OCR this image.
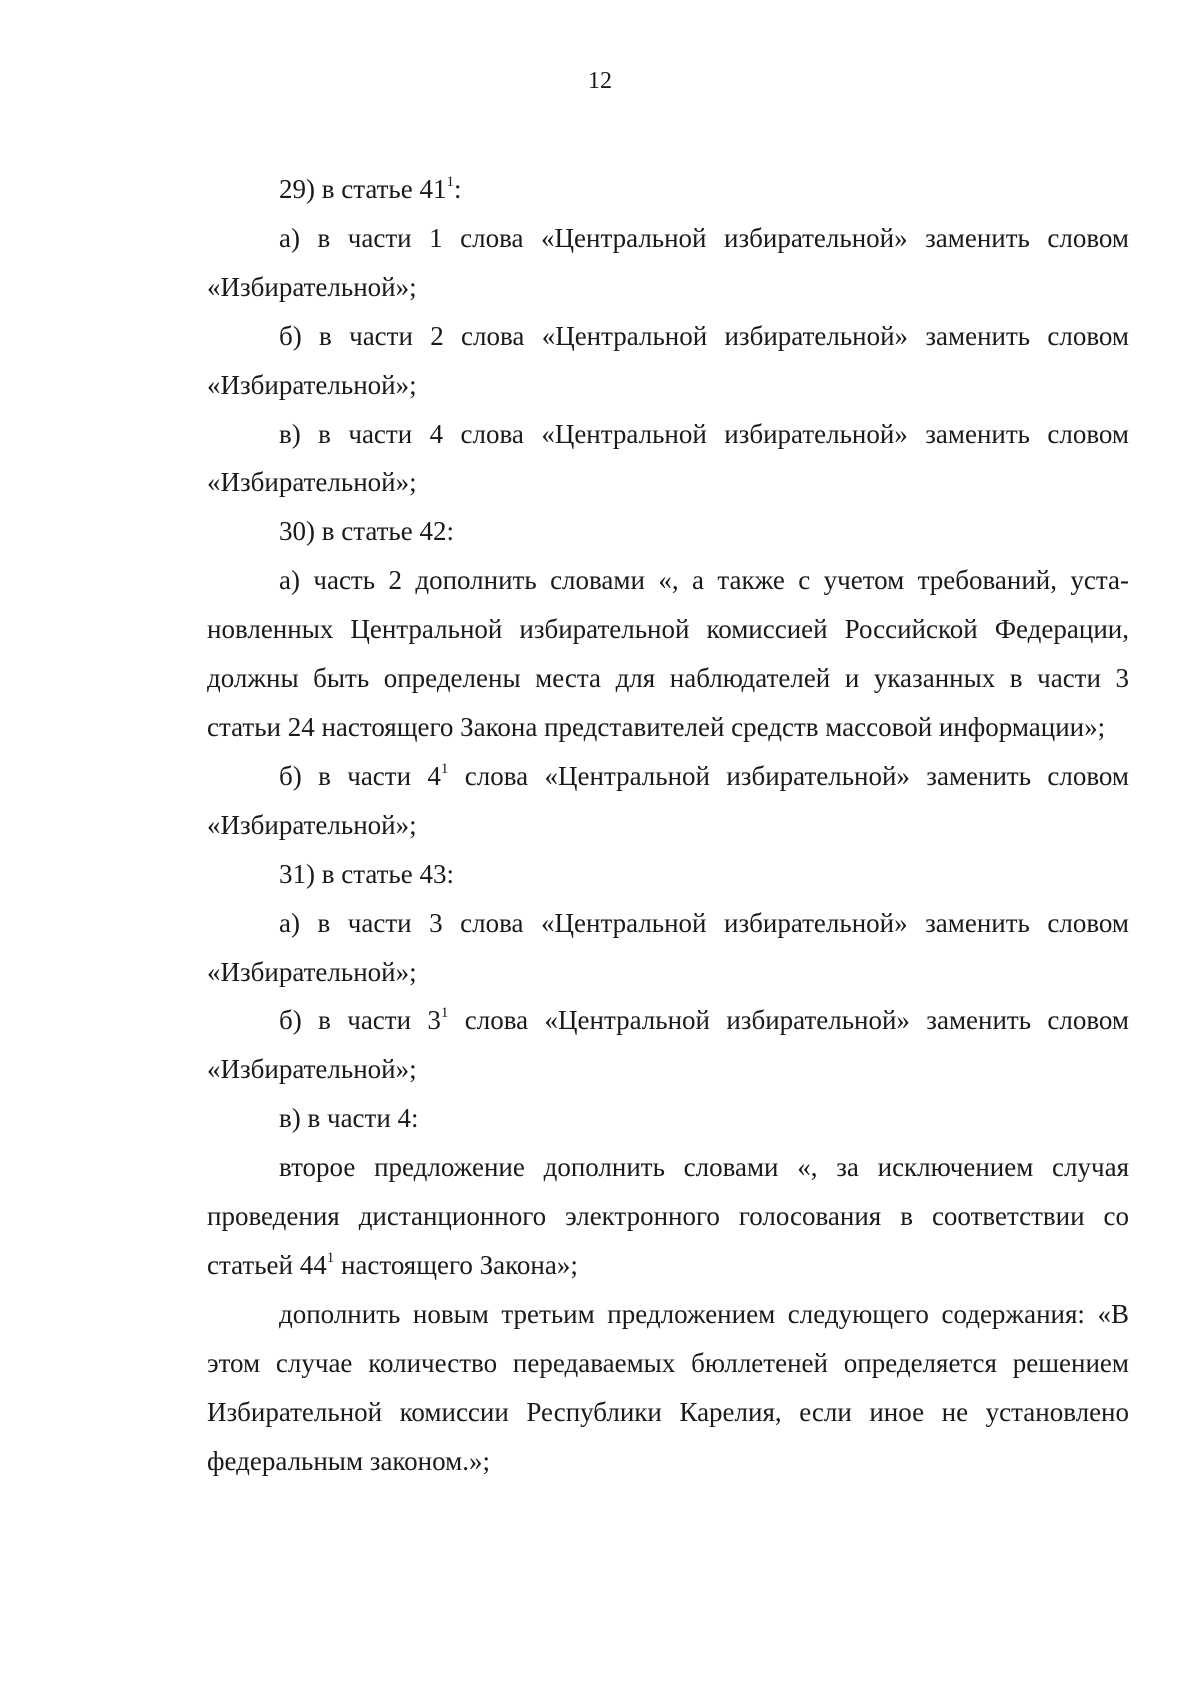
12

29) в статье $41^1$:

а) в части 1 слова «Центральной избирательной» заменить словом «Избирательной»;

б) в части 2 слова «Центральной избирательной» заменить словом «Избирательной»;

в) в части 4 слова «Центральной избирательной» заменить словом «Избирательной»;

30) в статье 42:

а) часть 2 дополнить словами «, а также с учетом требований, установленных Центральной избирательной комиссией Российской Федерации, должны быть определены места для наблюдателей и указанных в части 3 статьи 24 настоящего Закона представителей средств массовой информации»;

б) в части $4^1$ слова «Центральной избирательной» заменить словом «Избирательной»;

31) в статье 43:

а) в части 3 слова «Центральной избирательной» заменить словом «Избирательной»;

б) в части $3^1$ слова «Центральной избирательной» заменить словом «Избирательной»;

в) в части 4:

второе предложение дополнить словами «, за исключением случая проведения дистанционного электронного голосования в соответствии со статьей $44^1$ настоящего Закона»;

дополнить новым третьим предложением следующего содержания: «В этом случае количество передаваемых бюллетеней определяется решением Избирательной комиссии Республики Карелия, если иное не установлено федеральным законом.»;
